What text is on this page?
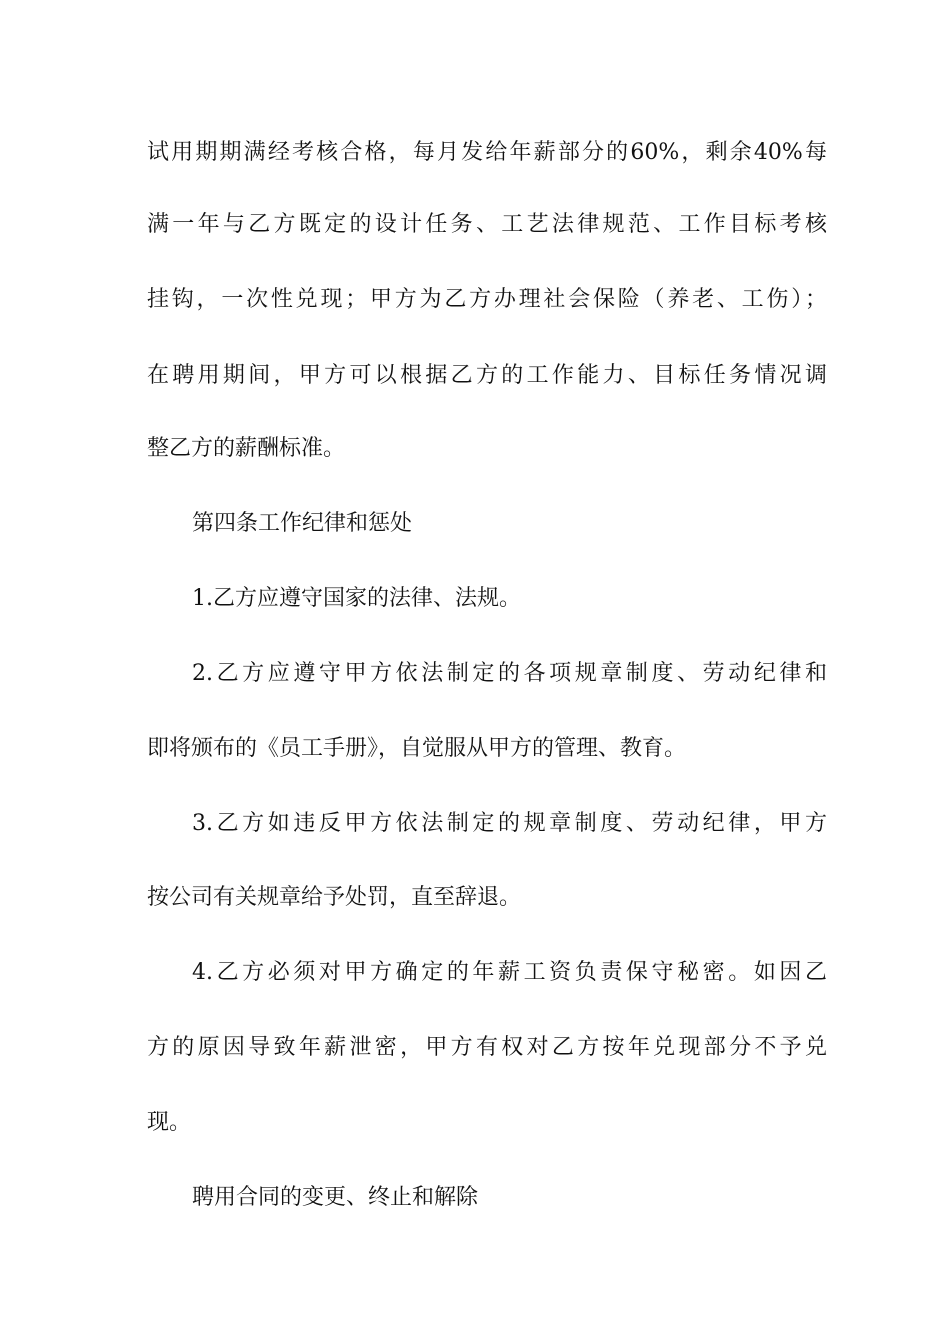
试用期期满经考核合格，每月发给年薪部分的60%，剩余40%每
满一年与乙方既定的设计任务、工艺法律规范、工作目标考核
挂钩，一次性兑现；甲方为乙方办理社会保险（养老、工伤）；
在聘用期间，甲方可以根据乙方的工作能力、目标任务情况调
整乙方的薪酬标准。
第四条工作纪律和惩处
1.乙方应遵守国家的法律、法规。
2.乙方应遵守甲方依法制定的各项规章制度、劳动纪律和
即将颁布的《员工手册》，自觉服从甲方的管理、教育。
3.乙方如违反甲方依法制定的规章制度、劳动纪律，甲方
按公司有关规章给予处罚，直至辞退。
4.乙方必须对甲方确定的年薪工资负责保守秘密。如因乙
方的原因导致年薪泄密，甲方有权对乙方按年兑现部分不予兑
现。
聘用合同的变更、终止和解除
